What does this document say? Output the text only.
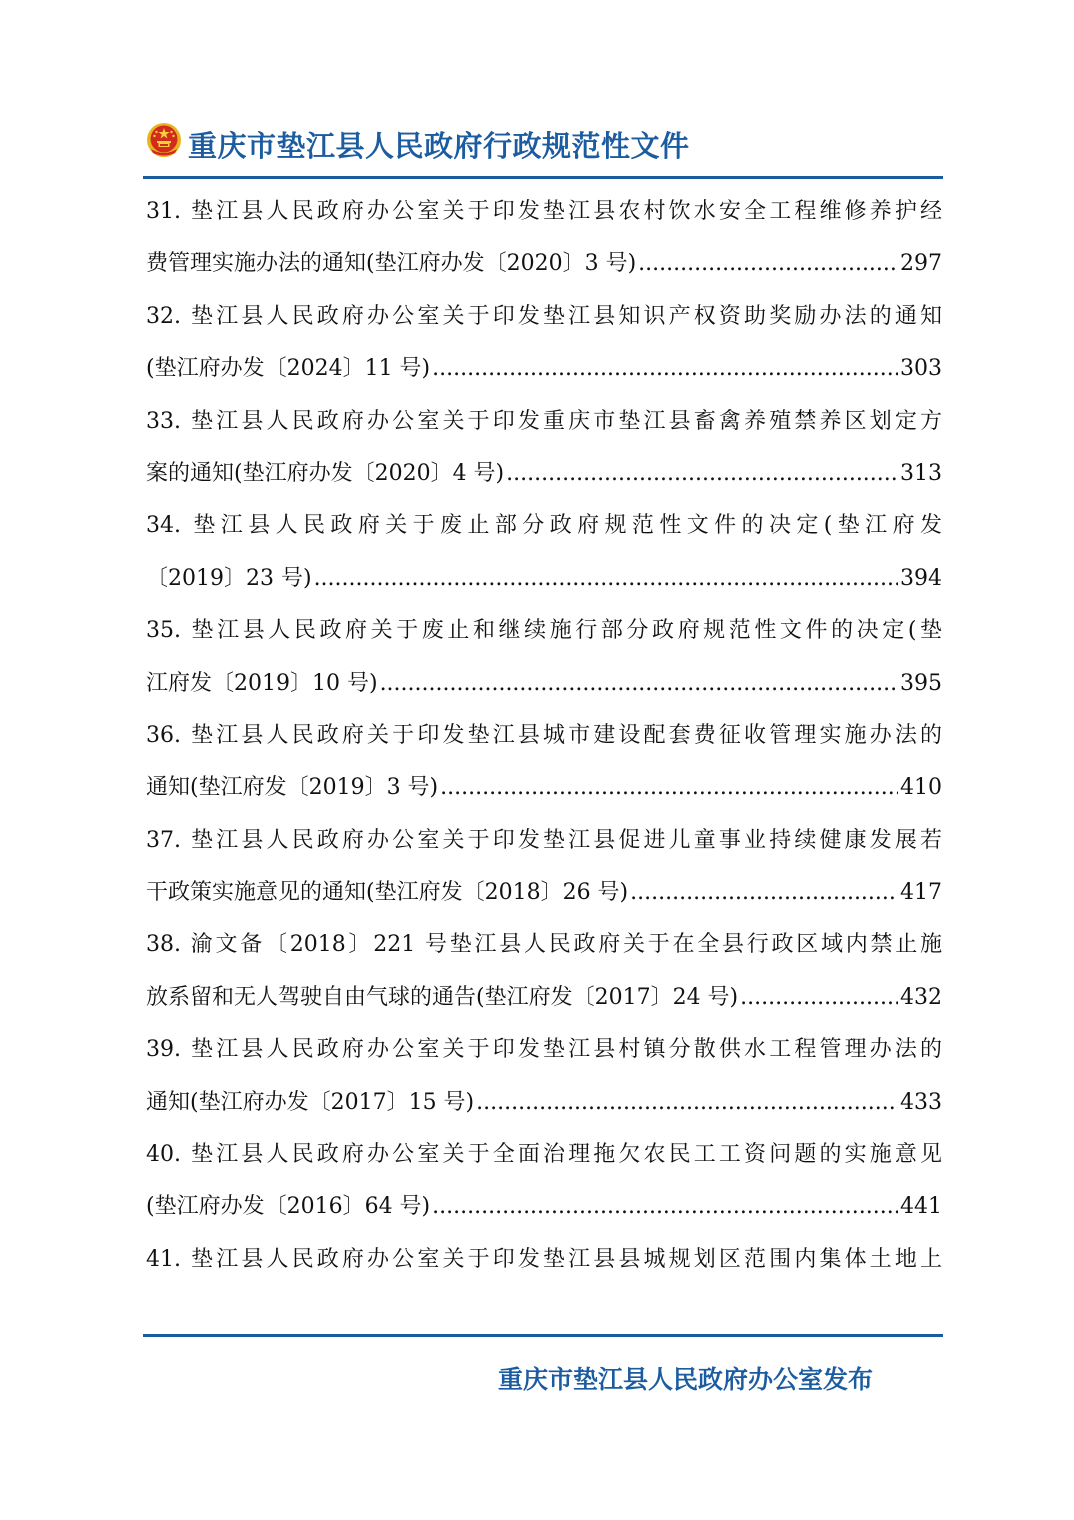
重庆市垫江县人民政府行政规范性文件
31. 垫江县人民政府办公室关于印发垫江县农村饮水安全工程维修养护经
费管理实施办法的通知(垫江府办发〔2020〕3 号) .....	297
32. 垫江县人民政府办公室关于印发垫江县知识产权资助奖励办法的通知
(垫江府办发〔2024〕11 号) .....	303
33. 垫江县人民政府办公室关于印发重庆市垫江县畜禽养殖禁养区划定方
案的通知(垫江府办发〔2020〕4 号) .....	313
34. 垫江县人民政府关于废止部分政府规范性文件的决定(垫江府发
〔2019〕23 号) .....	394
35. 垫江县人民政府关于废止和继续施行部分政府规范性文件的决定(垫
江府发〔2019〕10 号) .....	395
36. 垫江县人民政府关于印发垫江县城市建设配套费征收管理实施办法的
通知(垫江府发〔2019〕3 号) .....	410
37. 垫江县人民政府办公室关于印发垫江县促进儿童事业持续健康发展若
干政策实施意见的通知(垫江府发〔2018〕26 号) .....	417
38. 渝文备〔2018〕221 号垫江县人民政府关于在全县行政区域内禁止施
放系留和无人驾驶自由气球的通告(垫江府发〔2017〕24 号) .....	432
39. 垫江县人民政府办公室关于印发垫江县村镇分散供水工程管理办法的
通知(垫江府办发〔2017〕15 号) .....	433
40. 垫江县人民政府办公室关于全面治理拖欠农民工工资问题的实施意见
(垫江府办发〔2016〕64 号) .....	441
41. 垫江县人民政府办公室关于印发垫江县县城规划区范围内集体土地上
重庆市垫江县人民政府办公室发布
